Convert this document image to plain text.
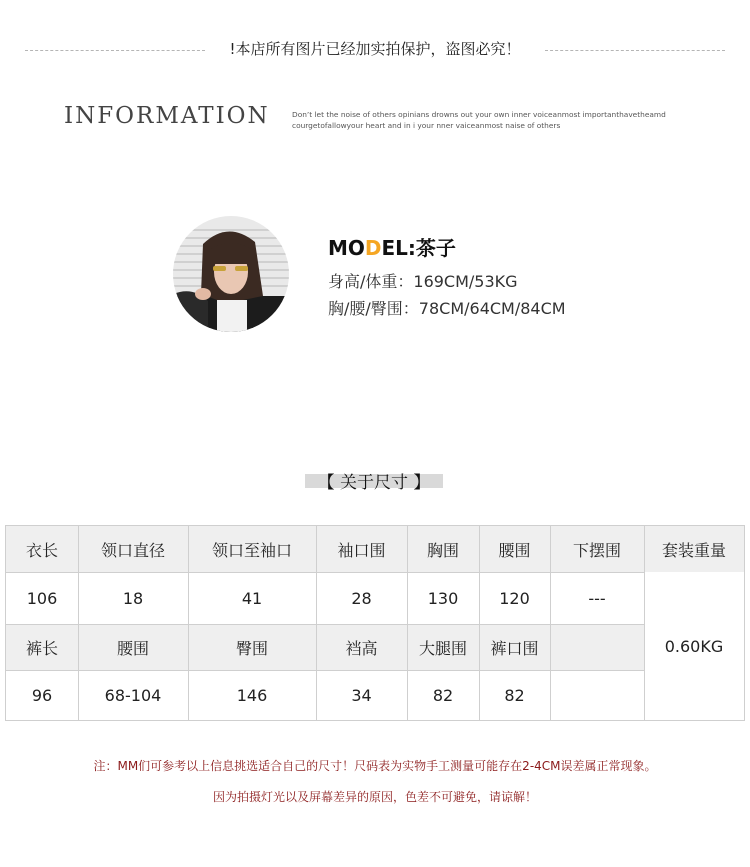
!本店所有图片已经加实拍保护，盗图必究！
INFORMATION	Don’t let the noise of others opinians drowns out your own inner voiceanmost importanthavetheamd courgetofallowyour heart and in i your nner vaiceanmost naise of others
MODEL:茶子
身高/体重：169CM/53KG
胸/腰/臀围：78CM/64CM/84CM
【 关于尺寸 】
衣长	领口直径	领口至袖口	袖口围	胸围	腰围	下摆围	套装重量
106	18	41	28	130	120	---
裤长	腰围	臀围	裆高	大腿围	裤口围
96	68-104	146	34	82	82
0.60KG
注：MM们可参考以上信息挑选适合自己的尺寸！尺码表为实物手工测量可能存在2-4CM误差属正常现象。
因为拍摄灯光以及屏幕差异的原因，色差不可避免，请谅解！
